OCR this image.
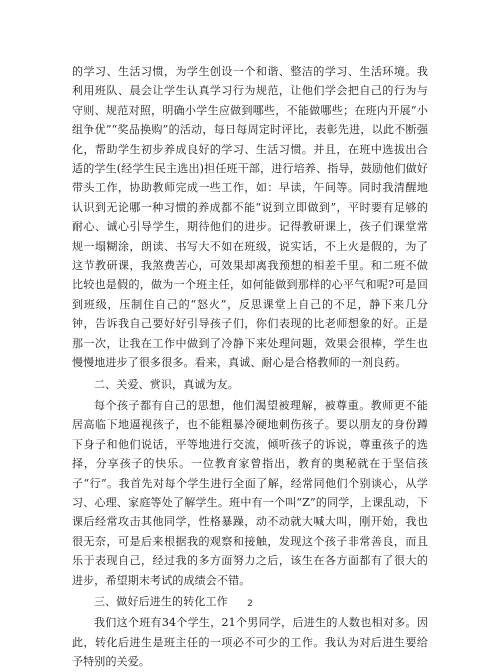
的学习、生活习惯，为学生创设一个和谐、整洁的学习、生活环境。我利用班队、晨会让学生认真学习行为规范，让他们学会把自己的行为与守则、规范对照，明确小学生应做到哪些，不能做哪些；在班内开展“小组争优”“奖品换购”的活动，每日每周定时评比，表彰先进，以此不断强化，帮助学生初步养成良好的学习、生活习惯。并且，在班中选拔出合适的学生(经学生民主选出)担任班干部，进行培养、指导，鼓励他们做好带头工作，协助教师完成一些工作，如：早读，午间等。同时我清醒地认识到无论哪一种习惯的养成都不能“说到立即做到”，平时要有足够的耐心、诚心引导学生，期待他们的进步。记得教研课上，孩子们课堂常规一塌糊涂，朗读、书写大不如在班级，说实话，不上火是假的，为了这节教研课，我煞费苦心，可效果却离我预想的相差千里。和二班不做比较也是假的，做为一个班主任，如何能做到那样的心平气和呢?可是回到班级，压制住自己的“怒火”，反思课堂上自己的不足，静下来几分钟，告诉我自己要好好引导孩子们，你们表现的比老师想象的好。正是那一次，让我在工作中做到了冷静下来处理问题，效果会很棒，学生也慢慢地进步了很多很多。看来，真诚、耐心是合格教师的一剂良药。

二、关爱、赏识，真诚为友。

每个孩子都有自己的思想，他们渴望被理解，被尊重。教师更不能居高临下地逼视孩子，也不能粗暴冷硬地刺伤孩子。要以朋友的身份蹲下身子和他们说话，平等地进行交流，倾听孩子的诉说，尊重孩子的选择，分享孩子的快乐。一位教育家曾指出，教育的奥秘就在于坚信孩子“行”。我首先对每个学生进行全面了解，经常同他们个别谈心，从学习、心理、家庭等处了解学生。班中有一个叫“Z”的同学，上课乱动，下课后经常攻击其他同学，性格暴躁，动不动就大喊大叫，刚开始，我也很无奈，可是后来根据我的观察和接触，发现这个孩子非常善良，而且乐于表现自己，经过我的多方面努力之后，该生在各方面都有了很大的进步，希望期末考试的成绩会不错。

三、做好后进生的转化工作

我们这个班有34个学生，21个男同学，后进生的人数也相对多。因此，转化后进生是班主任的一项必不可少的工作。我认为对后进生要给予特别的关爱。

2
